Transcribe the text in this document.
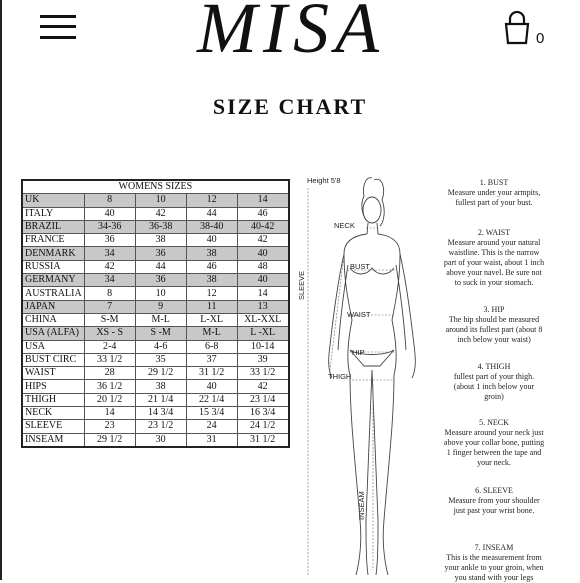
MISA	0
SIZE CHART
WOMENS SIZES				
UK	8	10	12	14
ITALY	40	42	44	46
BRAZIL	34-36	36-38	38-40	40-42
FRANCE	36	38	40	42
DENMARK	34	36	38	40
RUSSIA	42	44	46	48
GERMANY	34	36	38	40
AUSTRALIA	8	10	12	14
JAPAN	7	9	11	13
CHINA	S-M	M-L	L-XL	XL-XXL
USA (ALFA)	XS - S	S -M	M-L	L -XL
USA	2-4	4-6	6-8	10-14
BUST CIRC	33 1/2	35	37	39
WAIST	28	29 1/2	31 1/2	33 1/2
HIPS	36 1/2	38	40	42
THIGH	20 1/2	21 1/4	22 1/4	23 1/4
NECK	14	14 3/4	15 3/4	16 3/4
SLEEVE	23	23 1/2	24	24 1/2
INSEAM	29 1/2	30	31	31 1/2
Height 5'8
NECK
BUST
WAIST
HIP
THIGH
SLEEVE
INSEAM
1. BUST
Measure under your armpits,
fullest part of your bust.
2. WAIST
Measure around your natural
waistline. This is the narrow
part of your waist, about 1 inch
above your navel. Be sure not
to suck in your stomach.
3. HIP
The hip should be measured
around its fullest part (about 8
inch below your waist)
4. THIGH
fullest part of your thigh.
(about 1 inch below your
groin)
5. NECK
Measure around your neck just
above your collar bone, putting
1 finger between the tape and
your neck.
6. SLEEVE
Measure from your shoulder
just past your wrist bone.
7. INSEAM
This is the measurement from
your ankle to your groin, when
you stand with your legs
